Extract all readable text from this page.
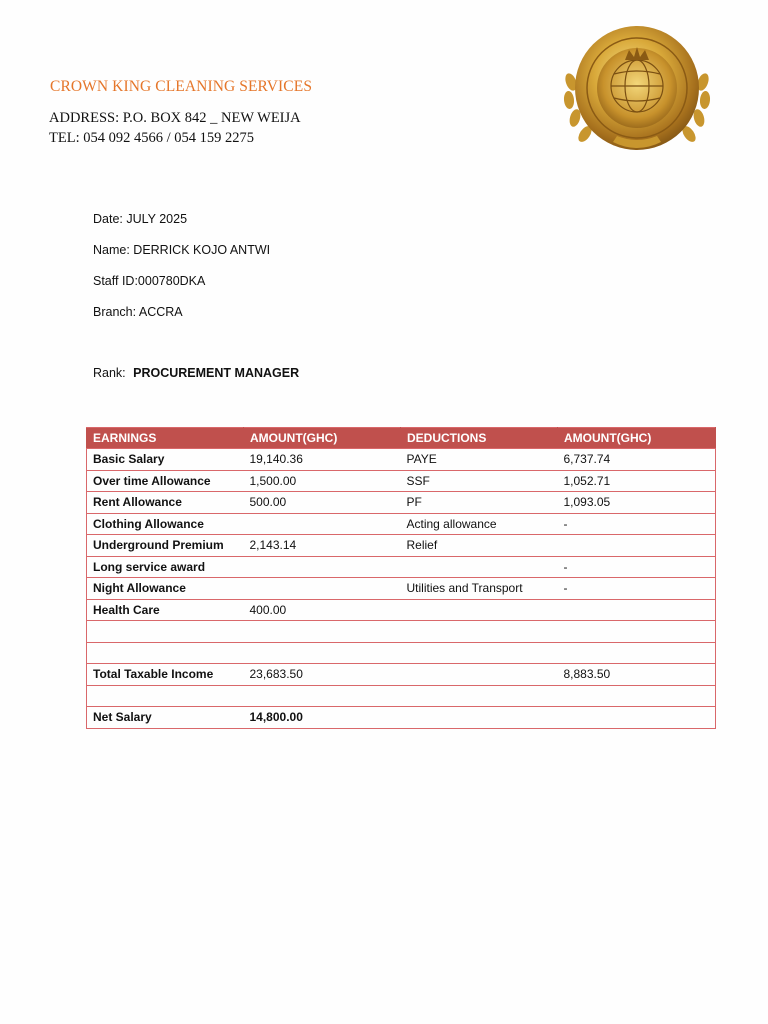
CROWN KING CLEANING SERVICES
ADDRESS: P.O. BOX 842 _ NEW WEIJA
TEL: 054 092 4566 / 054 159 2275
Date: JULY 2025
Name: DERRICK KOJO ANTWI
Staff ID:000780DKA
Branch: ACCRA
Rank: PROCUREMENT MANAGER
EARNINGS	AMOUNT(GHC)	DEDUCTIONS	AMOUNT(GHC)
Basic Salary	19,140.36	PAYE	6,737.74
Over time Allowance	1,500.00	SSF	1,052.71
Rent Allowance	500.00	PF	1,093.05
Clothing Allowance		Acting allowance	-
Underground Premium	2,143.14	Relief	
Long service award			-
Night Allowance		Utilities and Transport	-
Health Care	400.00		

Total Taxable Income	23,683.50		8,883.50

Net Salary	14,800.00		
